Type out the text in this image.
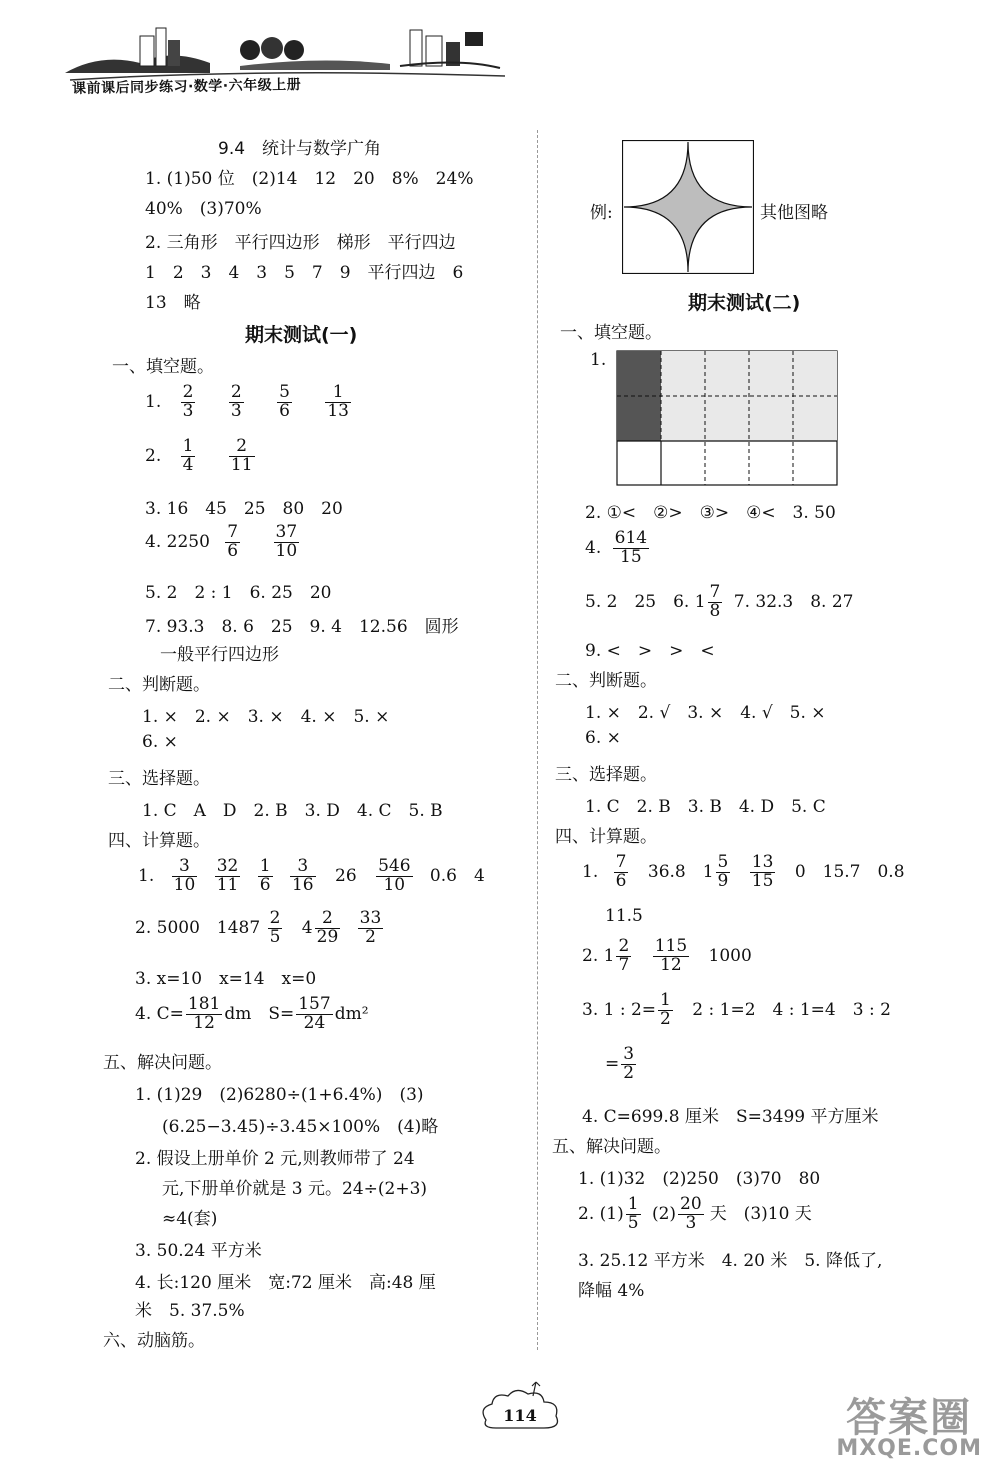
课前课后同步练习·数学·六年级上册
9.4　统计与数学广角
1. (1)50 位　(2)14　12　20　8%　24%
40%　(3)70%
2. 三角形　平行四边形　梯形　平行四边
1　2　3　4　3　5　7　9　平行四边　6
13　略
期末测试(一)
一、填空题。
1. $\frac{2}{3}$
$\frac{2}{3}$
$\frac{5}{6}$
$\frac{1}{13}$
2. $\frac{1}{4}$
$\frac{2}{11}$
3. 16　45　25　80　20
4. $2250 \frac{7}{6}$
$\frac{37}{10}$
5. 2　2 : 1　6. 25　20
7. 93.3　8. 6　25　9. 4　12.56　圆形
一般平行四边形
二、判断题。
1. ×　2. ×　3. ×　4. ×　5. ×
6. ×
三、选择题。
1. C　A　D　2. B　3. D　4. C　5. B
四、计算题。
1. $\frac{3}{10}$
$\frac{32}{11}$
$\frac{1}{6}$
$\frac{3}{16} 26 \frac{546}{10} 0.6$　4
2. 5000　$1487 \frac{2}{5} 4 \frac{2}{29}$
$\frac{33}{2}$
3. x=10　x=14　x=0
4. $C= \frac{181}{12}$ dm　$S= \frac{157}{24} dm^2$
五、解决问题。
1. (1)29　(2)6280÷(1+6.4%)　(3)
(6.25−3.45)÷3.45×100%　(4)略
2. 假设上册单价 2 元,则教师带了 24
元,下册单价就是 3 元。24÷(2+3)
≈4(套)
3. 50.24 平方米
4. 长:120 厘米　宽:72 厘米　高:48 厘
米　5. 37.5%
六、动脑筋。
例:	其他图略
期末测试(二)
一、填空题。
1.
2. ①<　②>　③>　④<　3. 50
4. $\frac{614}{15}$
5. 2　25　6. $1 \frac{7}{8} 7$. 32.3　8. 27
9. <　>　>　<
二、判断题。
1. ×　2. √　3. ×　4. √　5. ×
6. ×
三、选择题。
1. C　2. B　3. B　4. D　5. C
四、计算题。
1. $\frac{7}{6} 36.8$　$1 \frac{5}{9}$
$\frac{13}{15} 0$　15.7　0.8
11.5
2. $1 \frac{2}{7}$
$\frac{115}{12} 1000$
3. 1 : $2= \frac{1}{2} 2$ : 1=2　4 : 1=4　3 : 2
= $\frac{3}{2}$
4. C=699.8 厘米　S=3499 平方厘米
五、解决问题。
1. (1)32　(2)250　(3)70　80
2. $(1) \frac{1}{5} (2) \frac{20}{3}$ 天　(3)10 天
3. 25.12 平方米　4. 20 米　5. 降低了,
降幅 4%
114	答案圈
MXQE.COM
